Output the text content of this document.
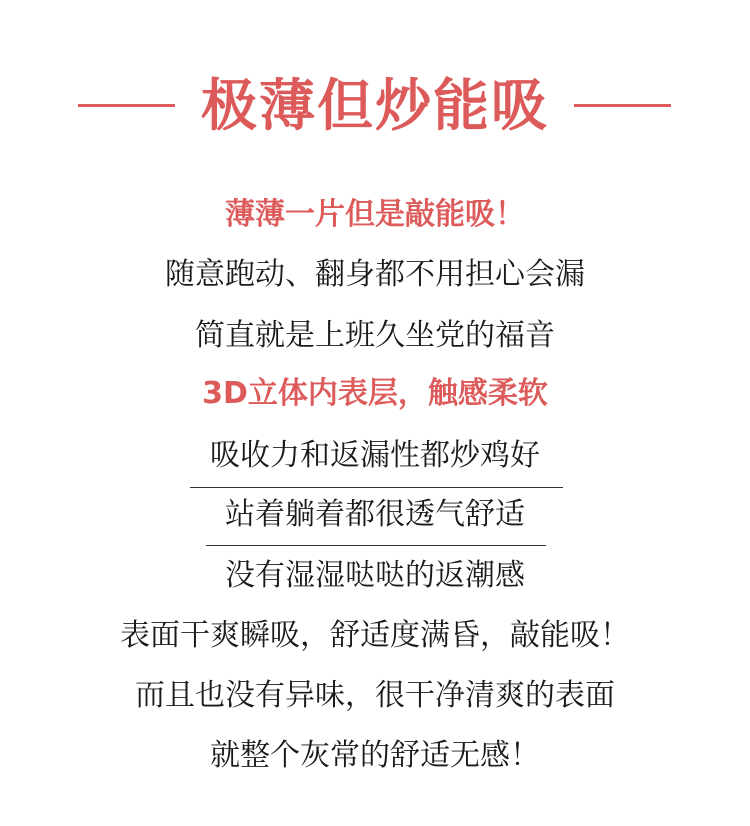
极薄但炒能吸
薄薄一片但是敲能吸！
随意跑动、翻身都不用担心会漏
简直就是上班久坐党的福音
3D立体内表层，触感柔软
吸收力和返漏性都炒鸡好
站着躺着都很透气舒适
没有湿湿哒哒的返潮感
表面干爽瞬吸，舒适度满昏，敲能吸！
而且也没有异味，很干净清爽的表面
就整个灰常的舒适无感！
